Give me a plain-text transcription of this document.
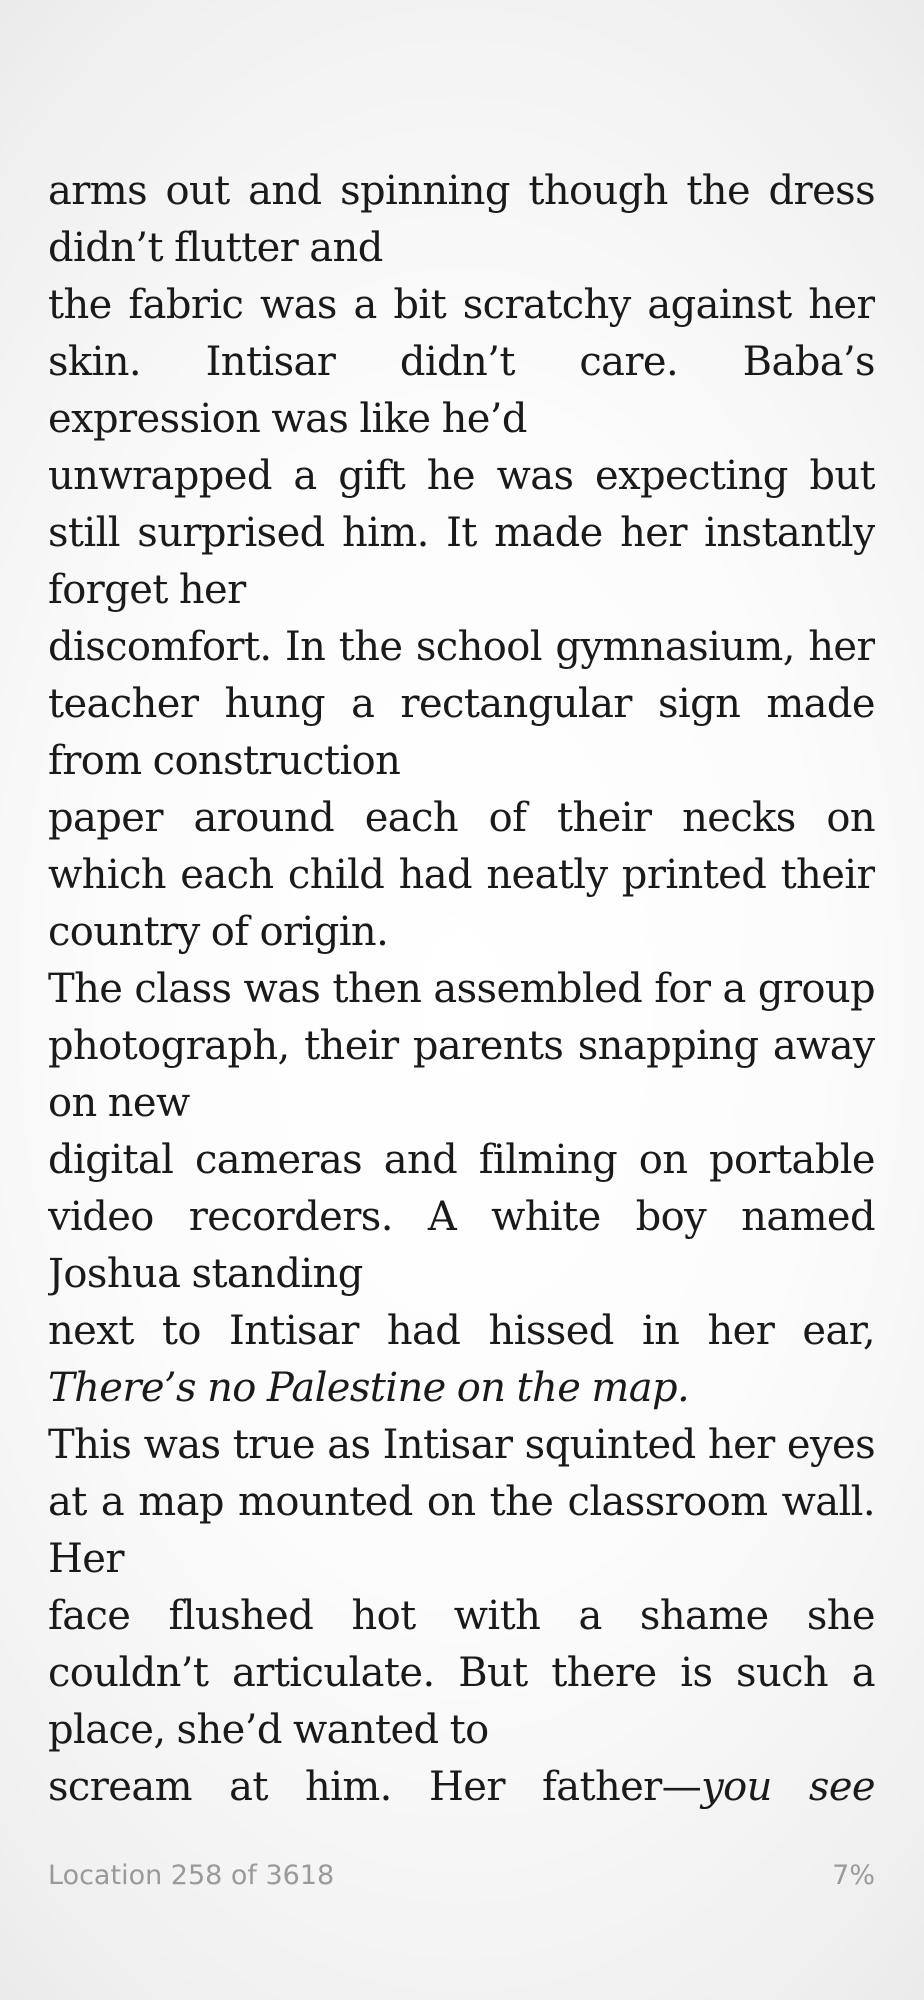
arms out and spinning though the dress didn’t flutter and

the fabric was a bit scratchy against her skin. Intisar didn’t care. Baba’s expression was like he’d

unwrapped a gift he was expecting but still surprised him. It made her instantly forget her

discomfort. In the school gymnasium, her teacher hung a rectangular sign made from construction

paper around each of their necks on which each child had neatly printed their country of origin.

The class was then assembled for a group photograph, their parents snapping away on new

digital cameras and filming on portable video recorders. A white boy named Joshua standing

next to Intisar had hissed in her ear, There’s no Palestine on the map.

This was true as Intisar squinted her eyes at a map mounted on the classroom wall. Her

face flushed hot with a shame she couldn’t articulate. But there is such a place, she’d wanted to

scream at him. Her father—you see

Location 258 of 3618	7%
